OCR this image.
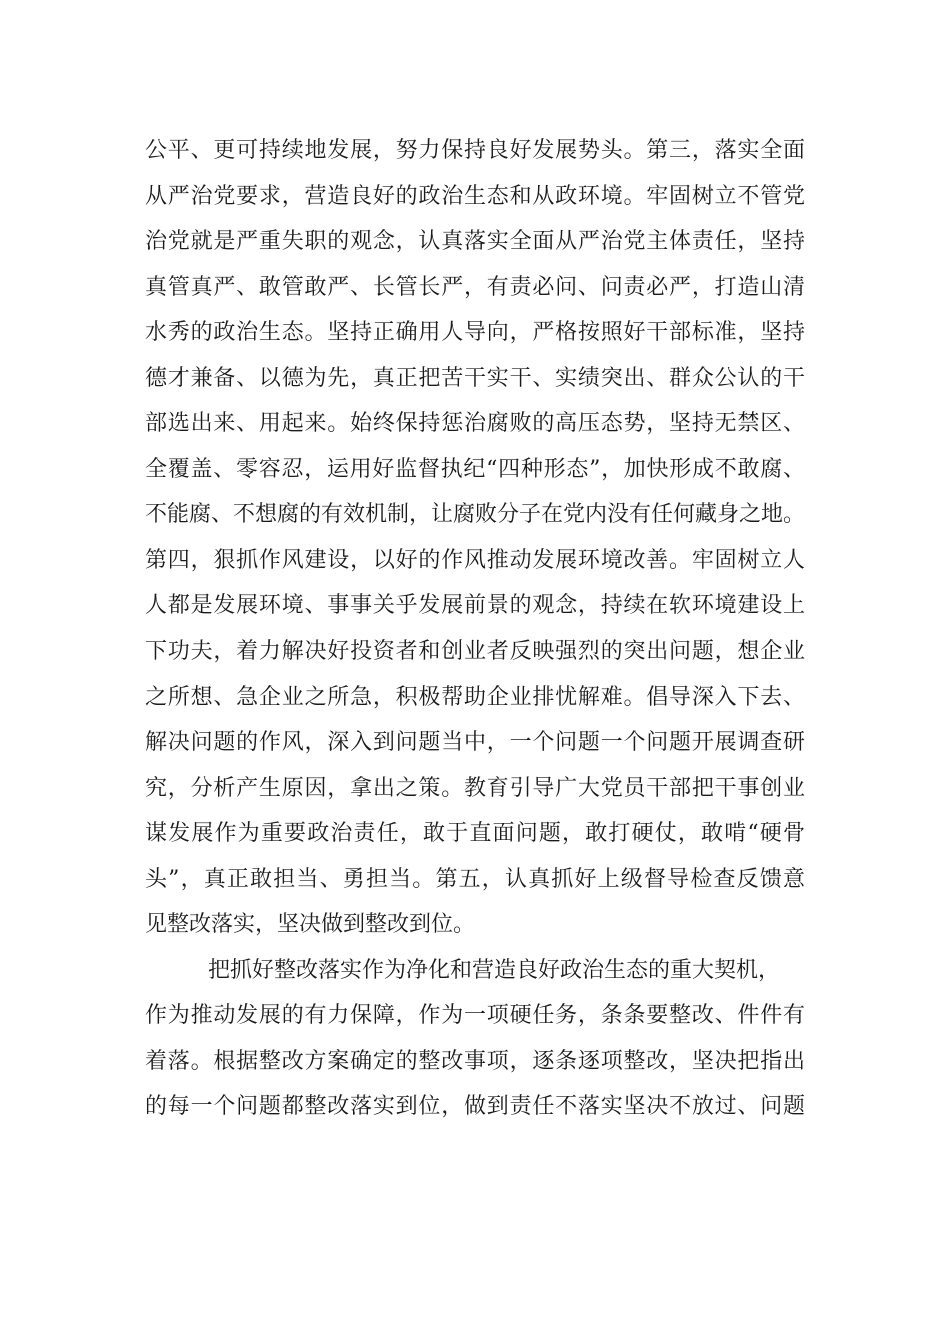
公平、更可持续地发展，努力保持良好发展势头。第三，落实全面
从严治党要求，营造良好的政治生态和从政环境。牢固树立不管党
治党就是严重失职的观念，认真落实全面从严治党主体责任，坚持
真管真严、敢管敢严、长管长严，有责必问、问责必严，打造山清
水秀的政治生态。坚持正确用人导向，严格按照好干部标准，坚持
德才兼备、以德为先，真正把苦干实干、实绩突出、群众公认的干
部选出来、用起来。始终保持惩治腐败的高压态势，坚持无禁区、
全覆盖、零容忍，运用好监督执纪“四种形态”，加快形成不敢腐、
不能腐、不想腐的有效机制，让腐败分子在党内没有任何藏身之地。
第四，狠抓作风建设，以好的作风推动发展环境改善。牢固树立人
人都是发展环境、事事关乎发展前景的观念，持续在软环境建设上
下功夫，着力解决好投资者和创业者反映强烈的突出问题，想企业
之所想、急企业之所急，积极帮助企业排忧解难。倡导深入下去、
解决问题的作风，深入到问题当中，一个问题一个问题开展调查研
究，分析产生原因，拿出之策。教育引导广大党员干部把干事创业
谋发展作为重要政治责任，敢于直面问题，敢打硬仗，敢啃“硬骨
头”，真正敢担当、勇担当。第五，认真抓好上级督导检查反馈意
见整改落实，坚决做到整改到位。
把抓好整改落实作为净化和营造良好政治生态的重大契机，
作为推动发展的有力保障，作为一项硬任务，条条要整改、件件有
着落。根据整改方案确定的整改事项，逐条逐项整改，坚决把指出
的每一个问题都整改落实到位，做到责任不落实坚决不放过、问题
